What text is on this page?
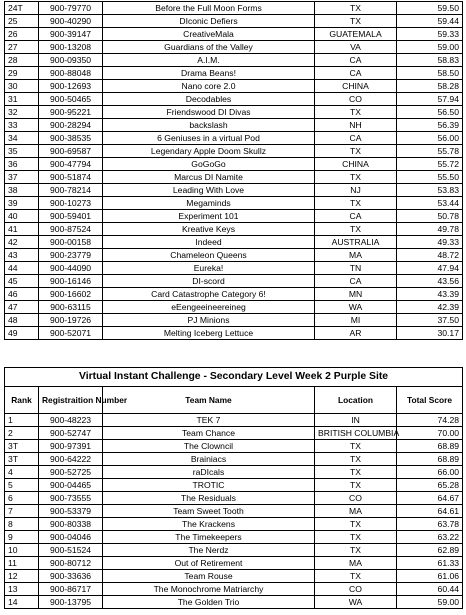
24T	900-79770	Before the Full Moon Forms	TX	59.50
25	900-40290	DIconic Defiers	TX	59.44
26	900-39147	CreativeMala	GUATEMALA	59.33
27	900-13208	Guardians of the Valley	VA	59.00
28	900-09350	A.I.M.	CA	58.83
29	900-88048	Drama Beans!	CA	58.50
30	900-12693	Nano core 2.0	CHINA	58.28
31	900-50465	Decodables	CO	57.94
32	900-95221	Friendswood DI Divas	TX	56.50
33	900-28294	backslash	NH	56.39
34	900-38535	6 Geniuses in a virtual Pod	CA	56.00
35	900-69587	Legendary Apple Doom Skullz	TX	55.78
36	900-47794	GoGoGo	CHINA	55.72
37	900-51874	Marcus DI Namite	TX	55.50
38	900-78214	Leading With Love	NJ	53.83
39	900-10273	Megaminds	TX	53.44
40	900-59401	Experiment 101	CA	50.78
41	900-87524	Kreative Keys	TX	49.78
42	900-00158	Indeed	AUSTRALIA	49.33
43	900-23779	Chameleon Queens	MA	48.72
44	900-44090	Eureka!	TN	47.94
45	900-16146	DI-scord	CA	43.56
46	900-16602	Card Catastrophe Category 6!	MN	43.39
47	900-63115	eEengeeineereineg	WA	42.39
48	900-19726	PJ Minions	MI	37.50
49	900-52071	Melting Iceberg Lettuce	AR	30.17
Virtual Instant Challenge - Secondary Level Week 2 Purple Site				
Rank	Registraition Number	Team Name	Location	Total Score
1	900-48223	TEK 7	IN	74.28
2	900-52747	Team Chance	BRITISH COLUMBIA	70.00
3T	900-97391	The Clowncil	TX	68.89
3T	900-64222	Brainiacs	TX	68.89
4	900-52725	raDIcals	TX	66.00
5	900-04465	TROTIC	TX	65.28
6	900-73555	The Residuals	CO	64.67
7	900-53379	Team Sweet Tooth	MA	64.61
8	900-80338	The Krackens	TX	63.78
9	900-04046	The Timekeepers	TX	63.22
10	900-51524	The Nerdz	TX	62.89
11	900-80712	Out of Retirement	MA	61.33
12	900-33636	Team Rouse	TX	61.06
13	900-86717	The Monochrome Matriarchy	CO	60.44
14	900-13795	The Golden Trio	WA	59.00
